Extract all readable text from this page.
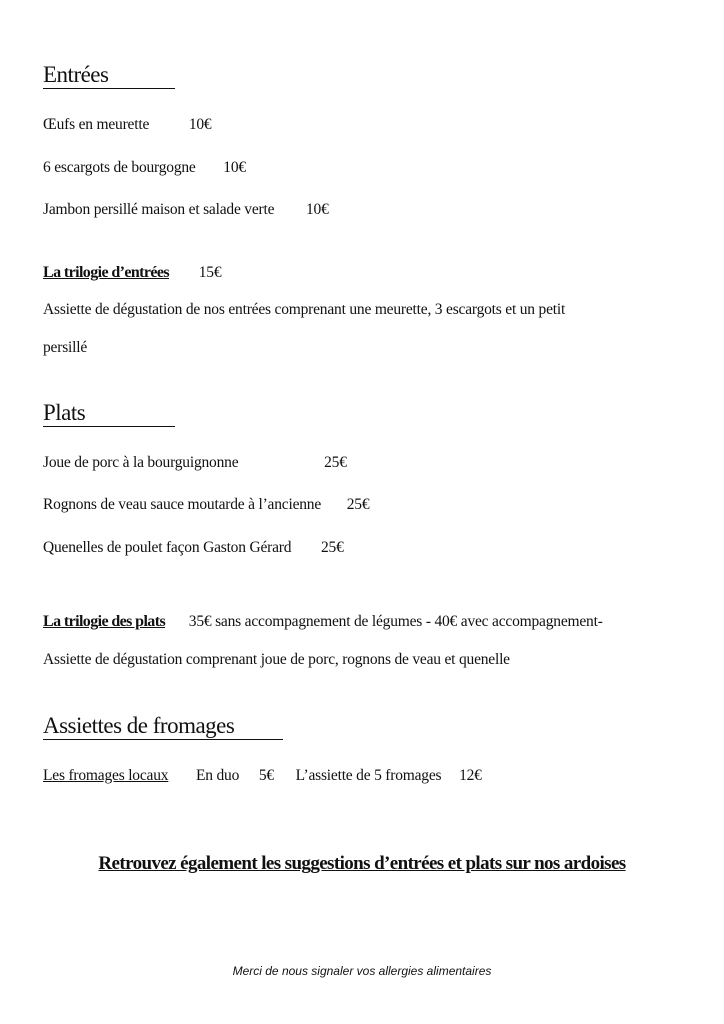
Entrées

Œufs en meurette	10€

6 escargots de bourgogne 10€

Jambon persillé maison et salade verte 10€

La trilogie d’entrées 15€

Assiette de dégustation de nos entrées comprenant une meurette, 3 escargots et un petit

persillé

Plats

Joue de porc à la bourguignonne	25€

Rognons de veau sauce moutarde à l’ancienne 25€

Quenelles de poulet façon Gaston Gérard 25€

La trilogie des plats 35€ sans accompagnement de légumes - 40€ avec accompagnement-

Assiette de dégustation comprenant joue de porc, rognons de veau et quenelle

Assiettes de fromages

Les fromages locaux En duo 5€ L’assiette de 5 fromages 12€

Retrouvez également les suggestions d’entrées et plats sur nos ardoises

Merci de nous signaler vos allergies alimentaires
